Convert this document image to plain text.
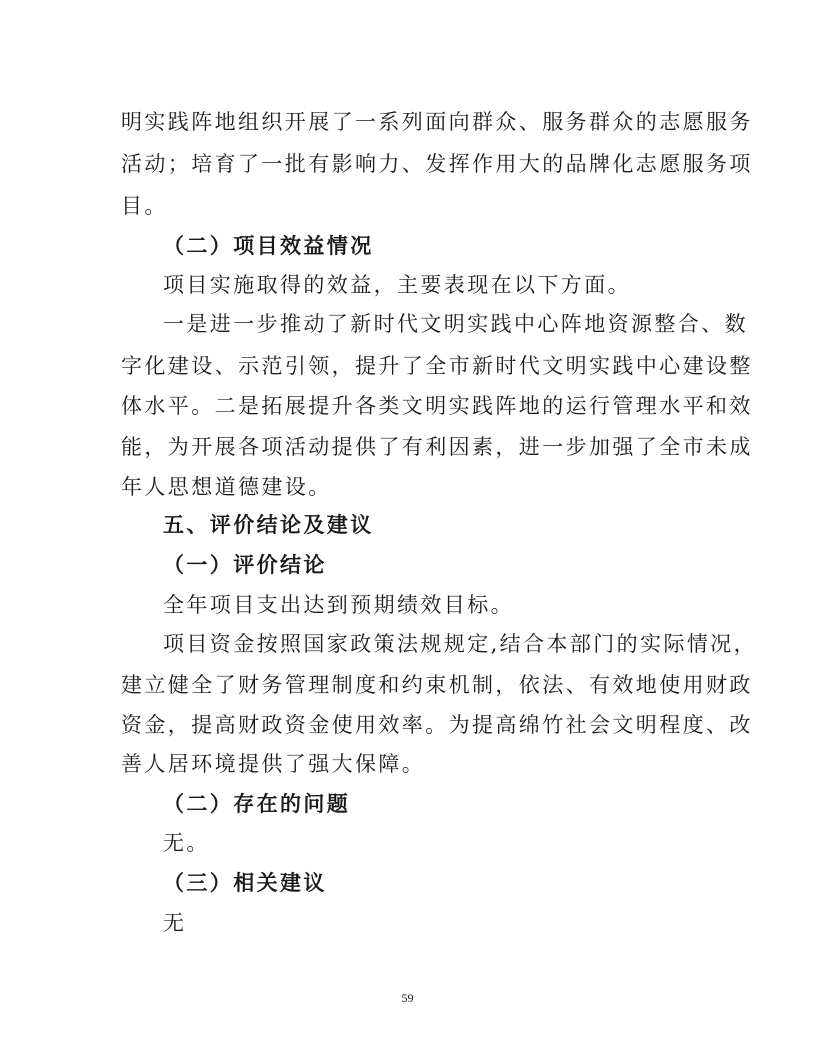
明实践阵地组织开展了一系列面向群众、服务群众的志愿服务
活动；培育了一批有影响力、发挥作用大的品牌化志愿服务项
目。
（二）项目效益情况
项目实施取得的效益，主要表现在以下方面。
一是进一步推动了新时代文明实践中心阵地资源整合、数
字化建设、示范引领，提升了全市新时代文明实践中心建设整
体水平。二是拓展提升各类文明实践阵地的运行管理水平和效
能，为开展各项活动提供了有利因素，进一步加强了全市未成
年人思想道德建设。
五、评价结论及建议
（一）评价结论
全年项目支出达到预期绩效目标。
项目资金按照国家政策法规规定,结合本部门的实际情况，
建立健全了财务管理制度和约束机制，依法、有效地使用财政
资金，提高财政资金使用效率。为提高绵竹社会文明程度、改
善人居环境提供了强大保障。
（二）存在的问题
无。
（三）相关建议
无
59
